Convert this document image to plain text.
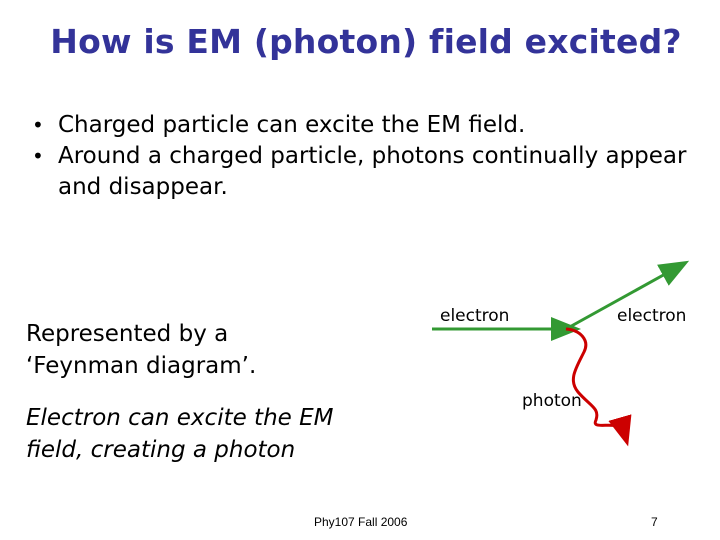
How is EM (photon) field excited?
• Charged particle can excite the EM field.
• Around a charged particle, photons continually appear and disappear.
Represented by a
‘Feynman diagram’.
Electron can excite the EM
field, creating a photon
electron	electron
photon
Phy107 Fall 2006	7
